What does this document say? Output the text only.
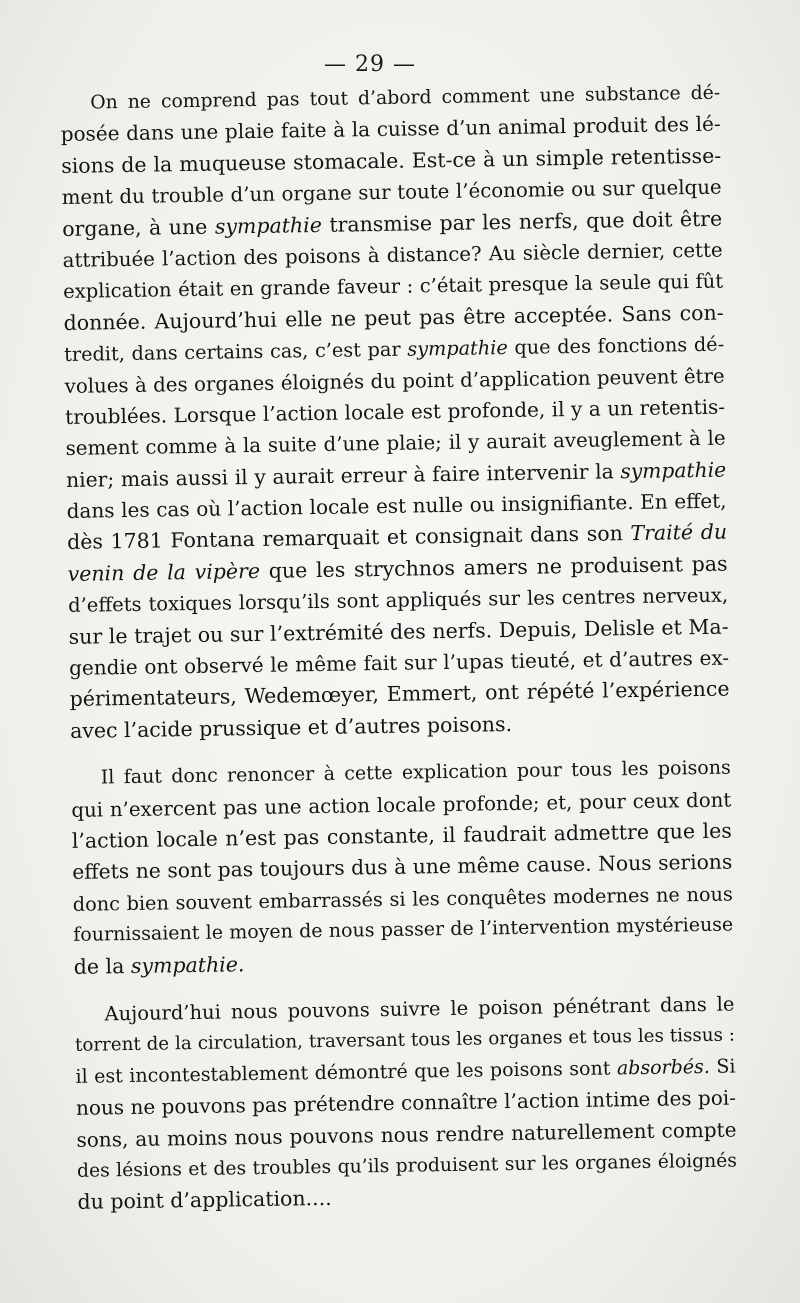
— 29 —
On ne comprend pas tout d’abord comment une substance dé-
posée dans une plaie faite à la cuisse d’un animal produit des lé-
sions de la muqueuse stomacale. Est-ce à un simple retentisse-
ment du trouble d’un organe sur toute l’économie ou sur quelque
organe, à une sympathie transmise par les nerfs, que doit être
attribuée l’action des poisons à distance? Au siècle dernier, cette
explication était en grande faveur : c’était presque la seule qui fût
donnée. Aujourd’hui elle ne peut pas être acceptée. Sans con-
tredit, dans certains cas, c’est par sympathie que des fonctions dé-
volues à des organes éloignés du point d’application peuvent être
troublées. Lorsque l’action locale est profonde, il y a un retentis-
sement comme à la suite d’une plaie; il y aurait aveuglement à le
nier; mais aussi il y aurait erreur à faire intervenir la sympathie
dans les cas où l’action locale est nulle ou insignifiante. En effet,
dès 1781 Fontana remarquait et consignait dans son Traité du
venin de la vipère que les strychnos amers ne produisent pas
d’effets toxiques lorsqu’ils sont appliqués sur les centres nerveux,
sur le trajet ou sur l’extrémité des nerfs. Depuis, Delisle et Ma-
gendie ont observé le même fait sur l’upas tieuté, et d’autres ex-
périmentateurs, Wedemœyer, Emmert, ont répété l’expérience
avec l’acide prussique et d’autres poisons.
Il faut donc renoncer à cette explication pour tous les poisons
qui n’exercent pas une action locale profonde; et, pour ceux dont
l’action locale n’est pas constante, il faudrait admettre que les
effets ne sont pas toujours dus à une même cause. Nous serions
donc bien souvent embarrassés si les conquêtes modernes ne nous
fournissaient le moyen de nous passer de l’intervention mystérieuse
de la sympathie.
Aujourd’hui nous pouvons suivre le poison pénétrant dans le
torrent de la circulation, traversant tous les organes et tous les tissus :
il est incontestablement démontré que les poisons sont absorbés. Si
nous ne pouvons pas prétendre connaître l’action intime des poi-
sons, au moins nous pouvons nous rendre naturellement compte
des lésions et des troubles qu’ils produisent sur les organes éloignés
du point d’application....
